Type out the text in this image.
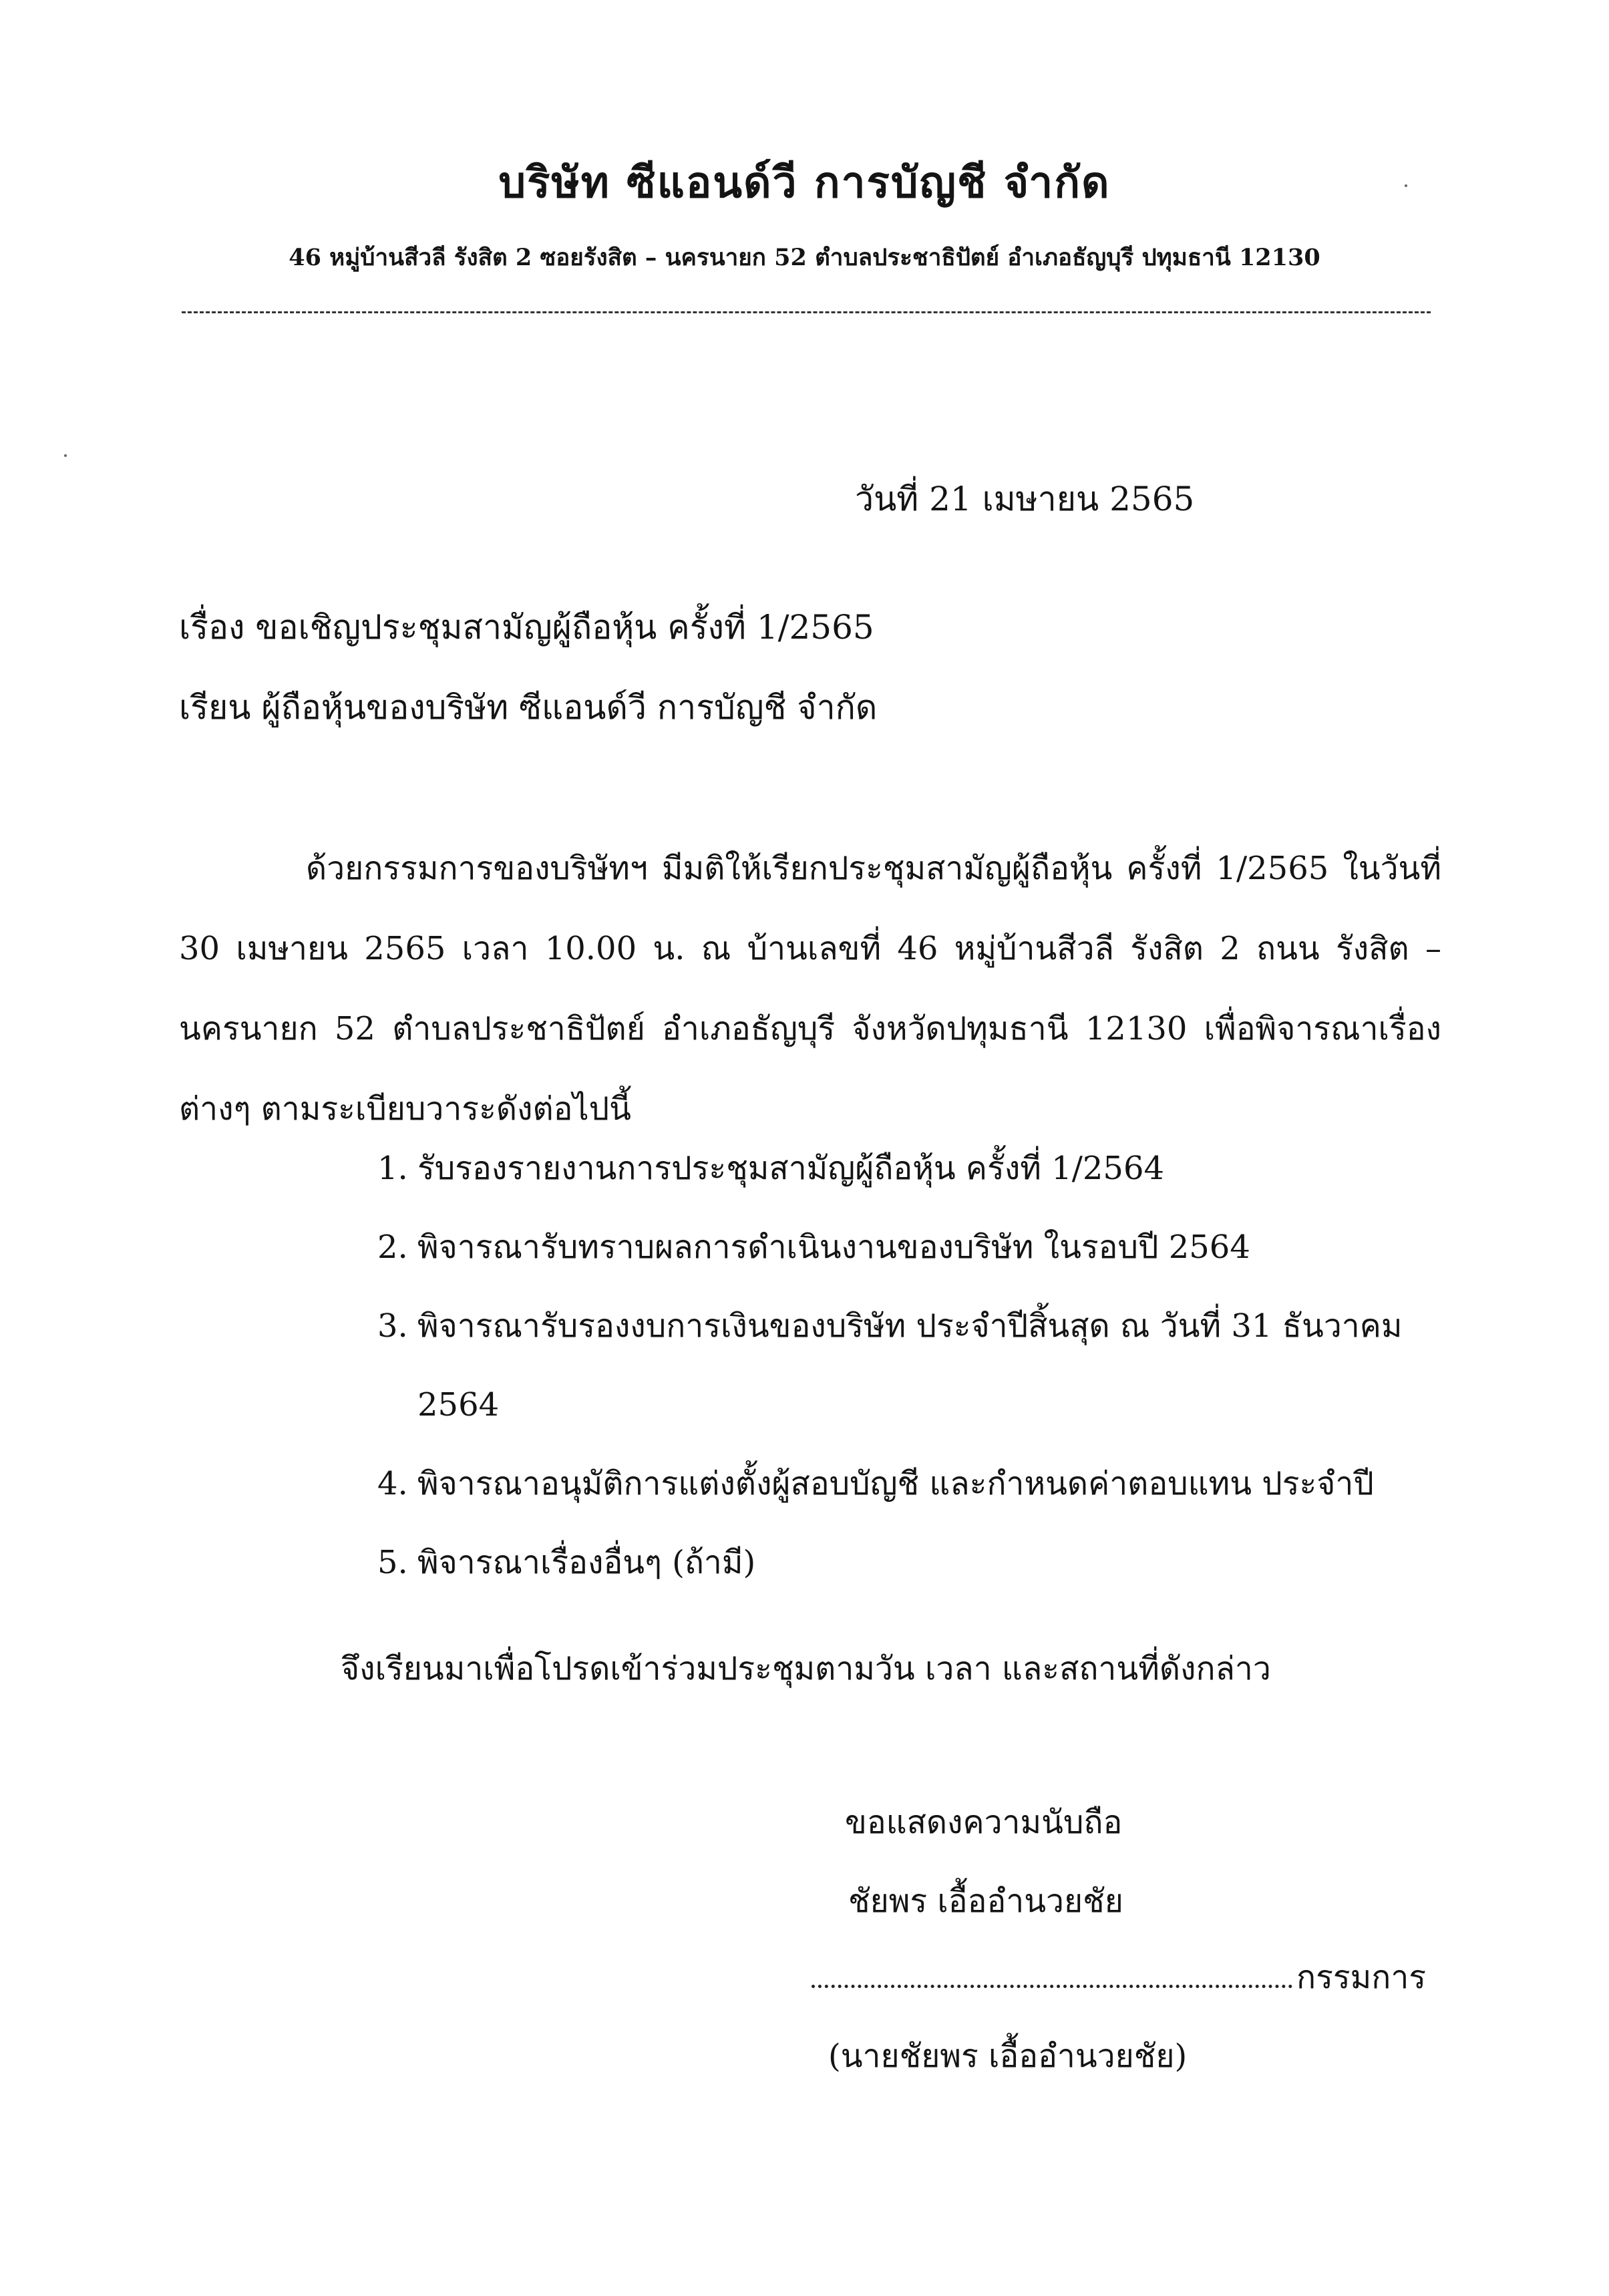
บริษัท ซีแอนด์วี การบัญชี จำกัด
46 หมู่บ้านสีวลี รังสิต 2 ซอยรังสิต – นครนายก 52 ตำบลประชาธิปัตย์ อำเภอธัญบุรี ปทุมธานี 12130
วันที่ 21 เมษายน 2565
เรื่อง ขอเชิญประชุมสามัญผู้ถือหุ้น ครั้งที่ 1/2565
เรียน ผู้ถือหุ้นของบริษัท ซีแอนด์วี การบัญชี จำกัด
ด้วยกรรมการของบริษัทฯ มีมติให้เรียกประชุมสามัญผู้ถือหุ้น ครั้งที่ 1/2565 ในวันที่ 30 เมษายน 2565 เวลา 10.00 น. ณ บ้านเลขที่ 46 หมู่บ้านสีวลี รังสิต 2 ถนน รังสิต – นครนายก 52 ตำบลประชาธิปัตย์ อำเภอธัญบุรี จังหวัดปทุมธานี 12130 เพื่อพิจารณาเรื่องต่างๆ ตามระเบียบวาระดังต่อไปนี้
1. รับรองรายงานการประชุมสามัญผู้ถือหุ้น ครั้งที่ 1/2564
2. พิจารณารับทราบผลการดำเนินงานของบริษัท ในรอบปี 2564
3. พิจารณารับรองงบการเงินของบริษัท ประจำปีสิ้นสุด ณ วันที่ 31 ธันวาคม 2564
4. พิจารณาอนุมัติการแต่งตั้งผู้สอบบัญชี และกำหนดค่าตอบแทน ประจำปี
5. พิจารณาเรื่องอื่นๆ (ถ้ามี)
จึงเรียนมาเพื่อโปรดเข้าร่วมประชุมตามวัน เวลา และสถานที่ดังกล่าว
ขอแสดงความนับถือ
ชัยพร เอื้ออำนวยชัย
กรรมการ
(นายชัยพร เอื้ออำนวยชัย)
